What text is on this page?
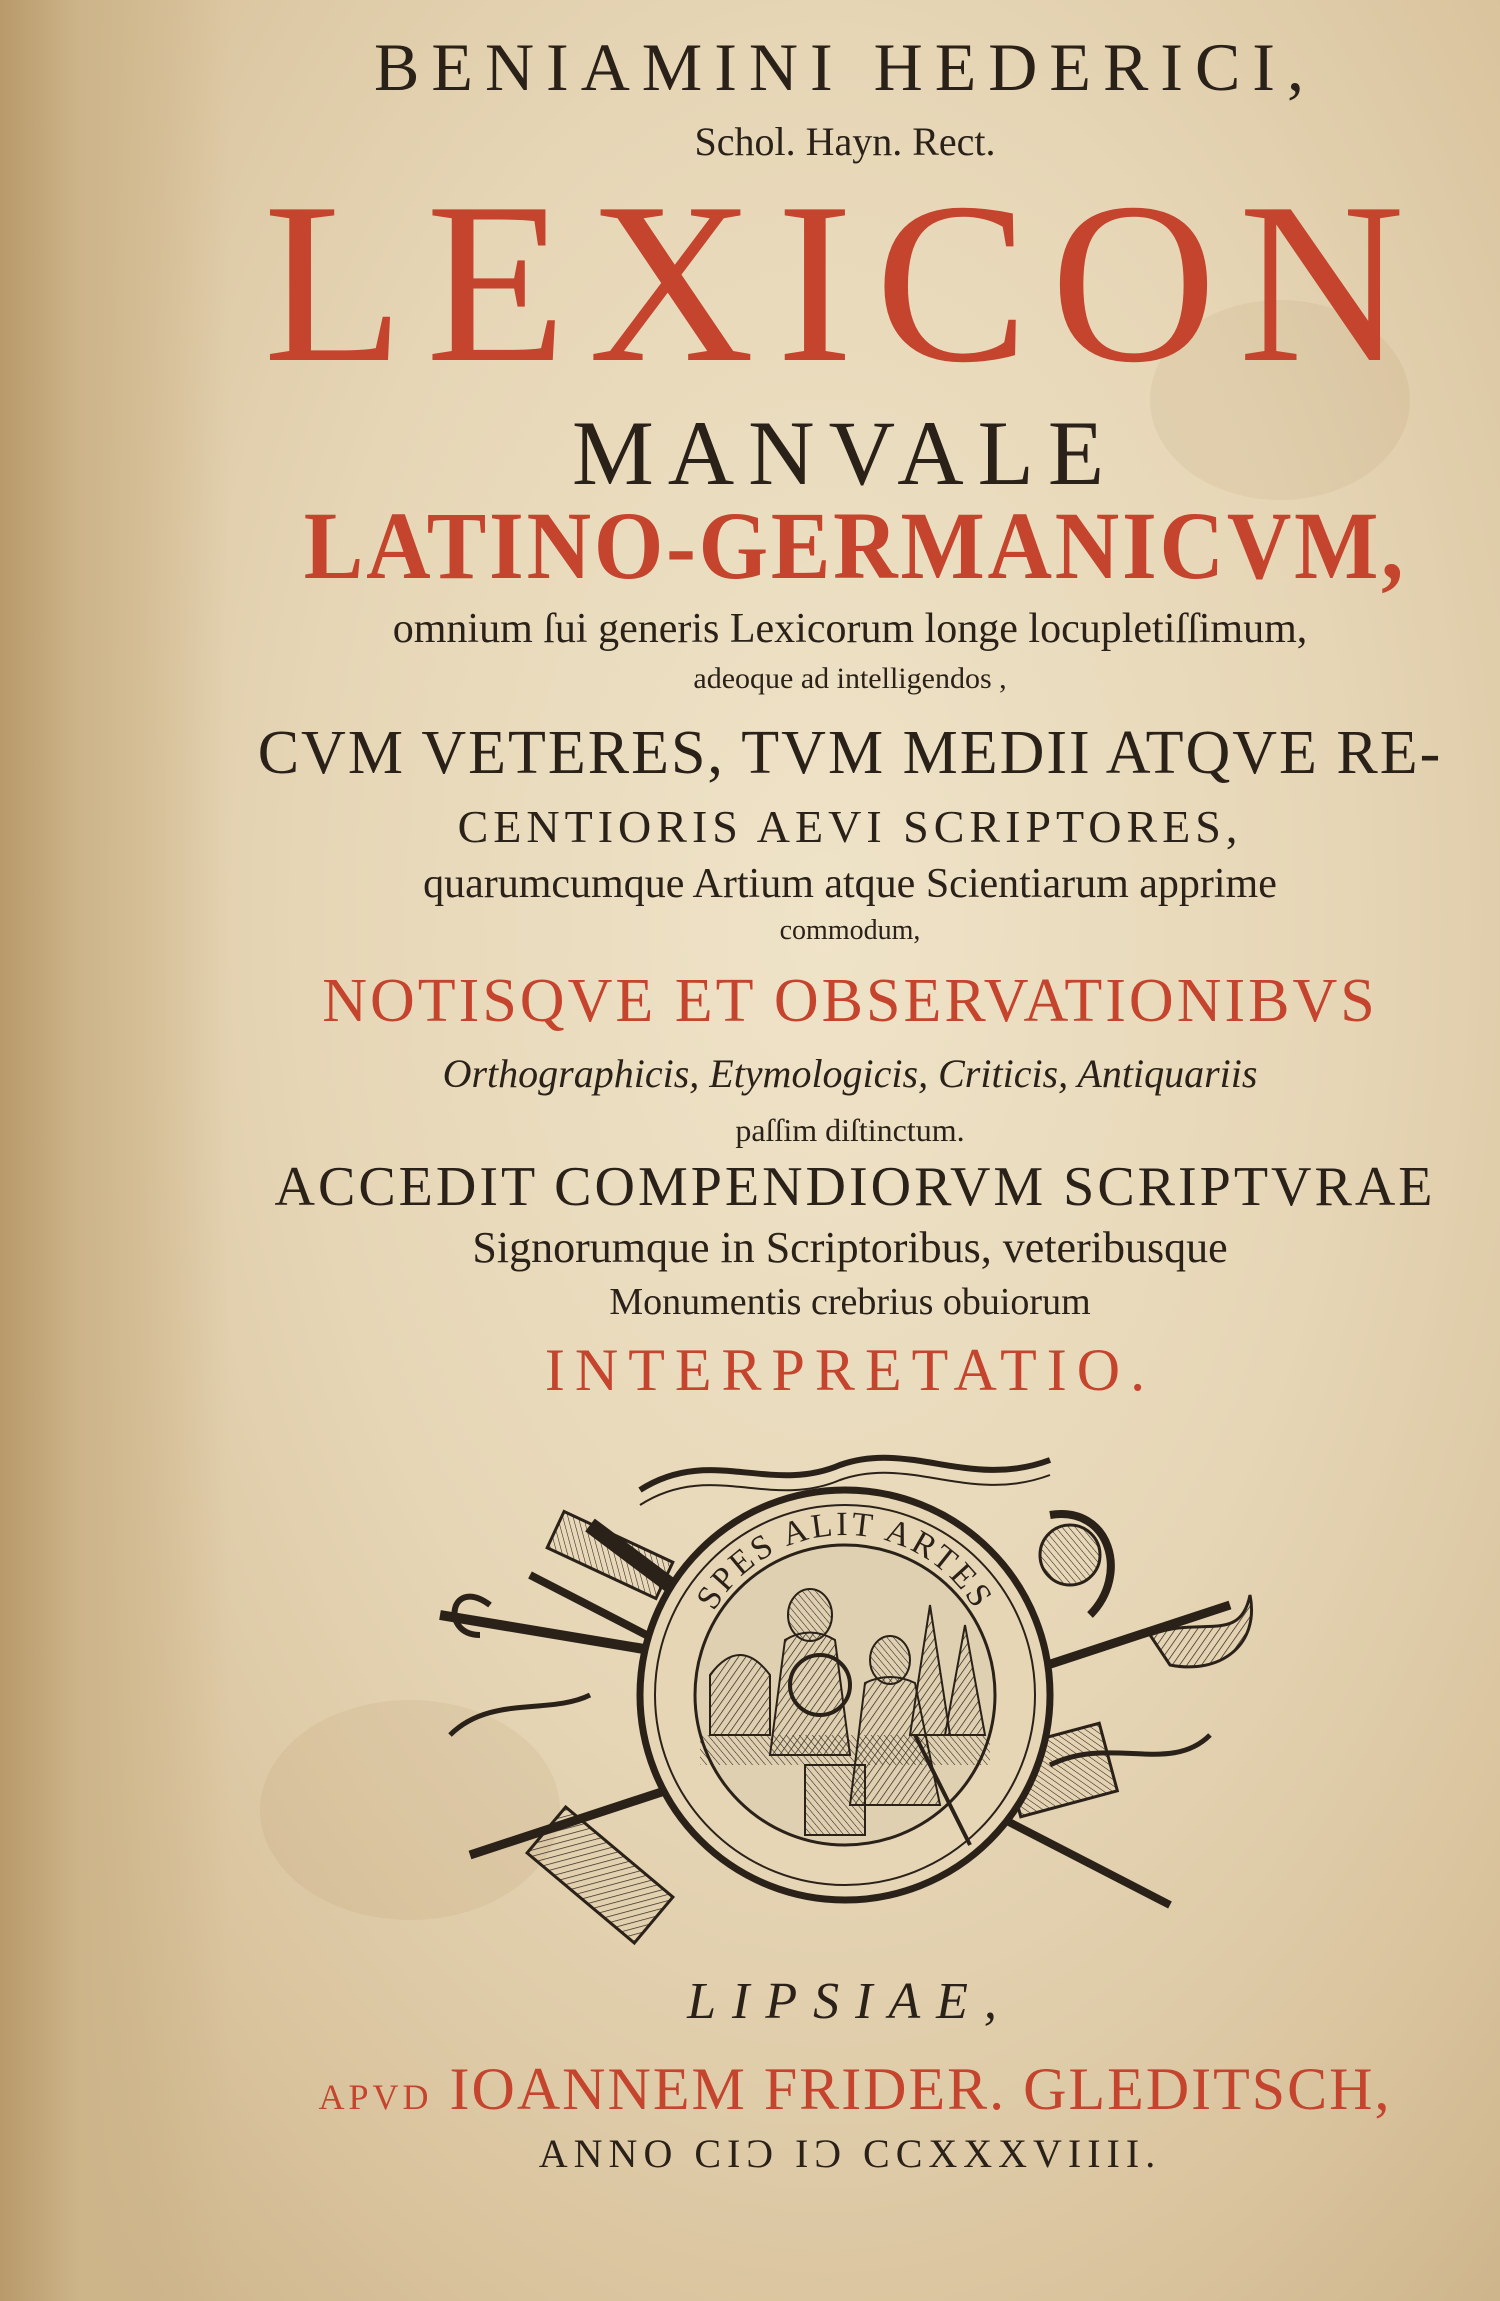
BENIAMINI HEDERICI,
Schol. Hayn. Rect.
LEXICON
MANVALE
LATINO-GERMANICVM,
omnium ſui generis Lexicorum longe locupletiſſimum,
adeoque ad intelligendos ,
CVM VETERES, TVM MEDII ATQVE RE-
CENTIORIS AEVI SCRIPTORES,
quarumcumque Artium atque Scientiarum apprime
commodum,
NOTISQVE ET OBSERVATIONIBVS
Orthographicis, Etymologicis, Criticis, Antiquariis
paſſim diſtinctum.
ACCEDIT COMPENDIORVM SCRIPTVRAE
Signorumque in Scriptoribus, veteribusque
Monumentis crebrius obuiorum
INTERPRETATIO.
SPES ALIT ARTES
LIPSIAE,
APVD IOANNEM FRIDER. GLEDITSCH,
ANNO CIϽ IϽ CCXXXVIIII.
